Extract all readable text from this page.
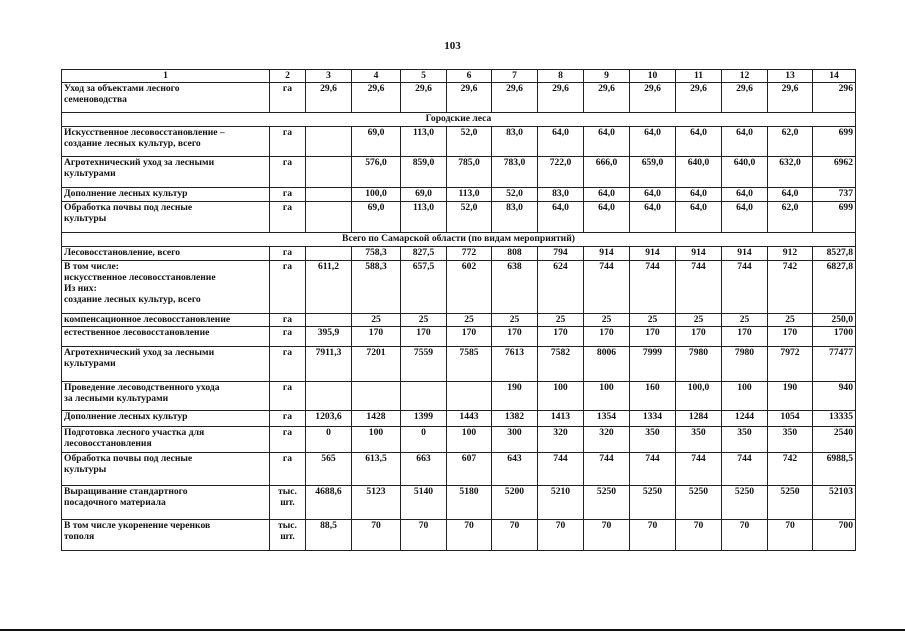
103
1	2	3	4	5	6	7	8	9	10	11	12	13	14

Уход за объектами лесного
семеноводства	га	29,6	29,6	29,6	29,6	29,6	29,6	29,6	29,6	29,6	29,6	29,6	296
Городские леса													

Искусственное лесовосстановление –
создание лесных культур, всего	га		69,0	113,0	52,0	83,0	64,0	64,0	64,0	64,0	64,0	62,0	699

Агротехнический уход за лесными
культурами	га		576,0	859,0	785,0	783,0	722,0	666,0	659,0	640,0	640,0	632,0	6962

Дополнение лесных культур	га		100,0	69,0	113,0	52,0	83,0	64,0	64,0	64,0	64,0	64,0	737

Обработка почвы под лесные
культуры	га		69,0	113,0	52,0	83,0	64,0	64,0	64,0	64,0	64,0	62,0	699
Всего по Самарской области (по видам мероприятий)													

Лесовосстановление, всего	га		758,3	827,5	772	808	794	914	914	914	914	912	8527,8

В том числе:
искусственное лесовосстановление
Из них:
создание лесных культур, всего	га	611,2	588,3	657,5	602	638	624	744	744	744	744	742	6827,8

компенсационное лесовосстановление	га		25	25	25	25	25	25	25	25	25	25	250,0

естественное лесовосстановление	га	395,9	170	170	170	170	170	170	170	170	170	170	1700

Агротехнический уход за лесными
культурами	га	7911,3	7201	7559	7585	7613	7582	8006	7999	7980	7980	7972	77477

Проведение лесоводственного ухода
за лесными культурами	га					190	100	100	160	100,0	100	190	940

Дополнение лесных культур	га	1203,6	1428	1399	1443	1382	1413	1354	1334	1284	1244	1054	13335

Подготовка лесного участка для
лесовосстановления	га	0	100	0	100	300	320	320	350	350	350	350	2540

Обработка почвы под лесные
культуры	га	565	613,5	663	607	643	744	744	744	744	744	742	6988,5

Выращивание стандартного
посадочного материала	тыс.
шт.	4688,6	5123	5140	5180	5200	5210	5250	5250	5250	5250	5250	52103

В том числе укоренение черенков
тополя	тыс.
шт.	88,5	70	70	70	70	70	70	70	70	70	70	700
